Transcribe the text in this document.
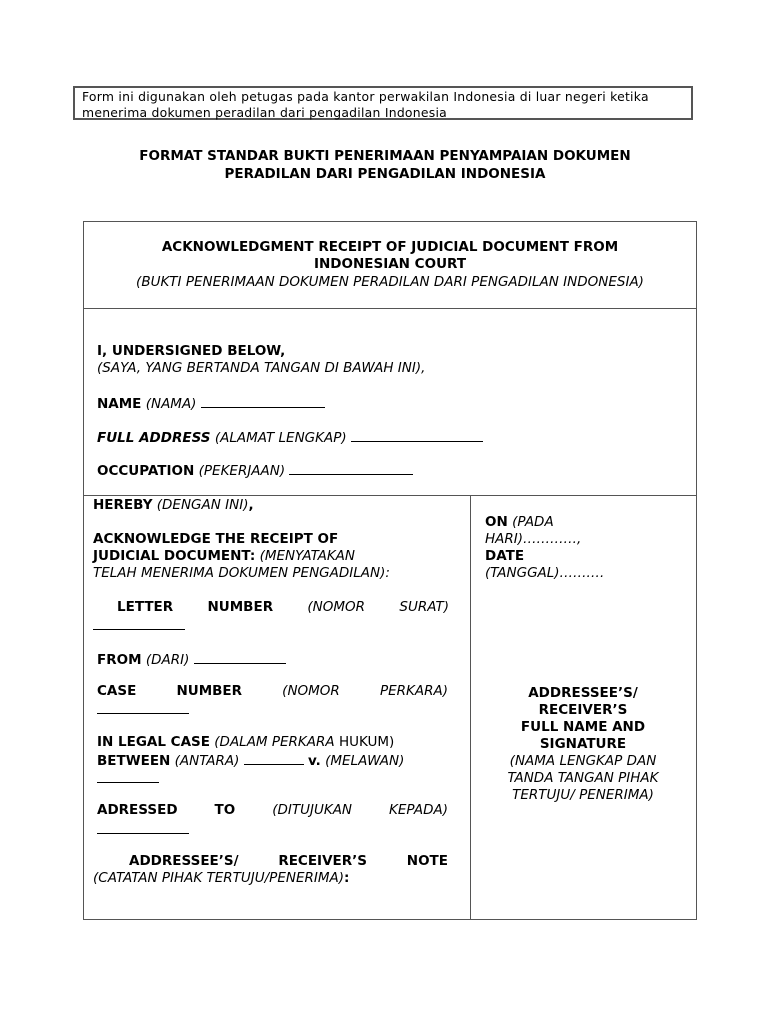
Form ini digunakan oleh petugas pada kantor perwakilan Indonesia di luar negeri ketika menerima dokumen peradilan dari pengadilan Indonesia
FORMAT STANDAR BUKTI PENERIMAAN PENYAMPAIAN DOKUMEN
PERADILAN DARI PENGADILAN INDONESIA
ACKNOWLEDGMENT RECEIPT OF JUDICIAL DOCUMENT FROM
INDONESIAN COURT
(BUKTI PENERIMAAN DOKUMEN PERADILAN DARI PENGADILAN INDONESIA)
I, UNDERSIGNED BELOW,
(SAYA, YANG BERTANDA TANGAN DI BAWAH INI),
NAME (NAMA)
FULL ADDRESS (ALAMAT LENGKAP)
OCCUPATION (PEKERJAAN)
HEREBY (DENGAN INI),
ACKNOWLEDGE THE RECEIPT OF
JUDICIAL DOCUMENT: (MENYATAKAN
TELAH MENERIMA DOKUMEN PENGADILAN):
LETTER	NUMBER	(NOMOR	SURAT)
FROM (DARI)
CASE	NUMBER	(NOMOR	PERKARA)
IN LEGAL CASE (DALAM PERKARA HUKUM)
BETWEEN (ANTARA)	v. (MELAWAN)
ADRESSED	TO	(DITUJUKAN	KEPADA)
ADDRESSEE’S/	RECEIVER’S	NOTE
(CATATAN PIHAK TERTUJU/PENERIMA):
ON (PADA
HARI)…………,
DATE
(TANGGAL)…….…
ADDRESSEE’S/
RECEIVER’S
FULL NAME AND
SIGNATURE
(NAMA LENGKAP DAN
TANDA TANGAN PIHAK
TERTUJU/ PENERIMA)
